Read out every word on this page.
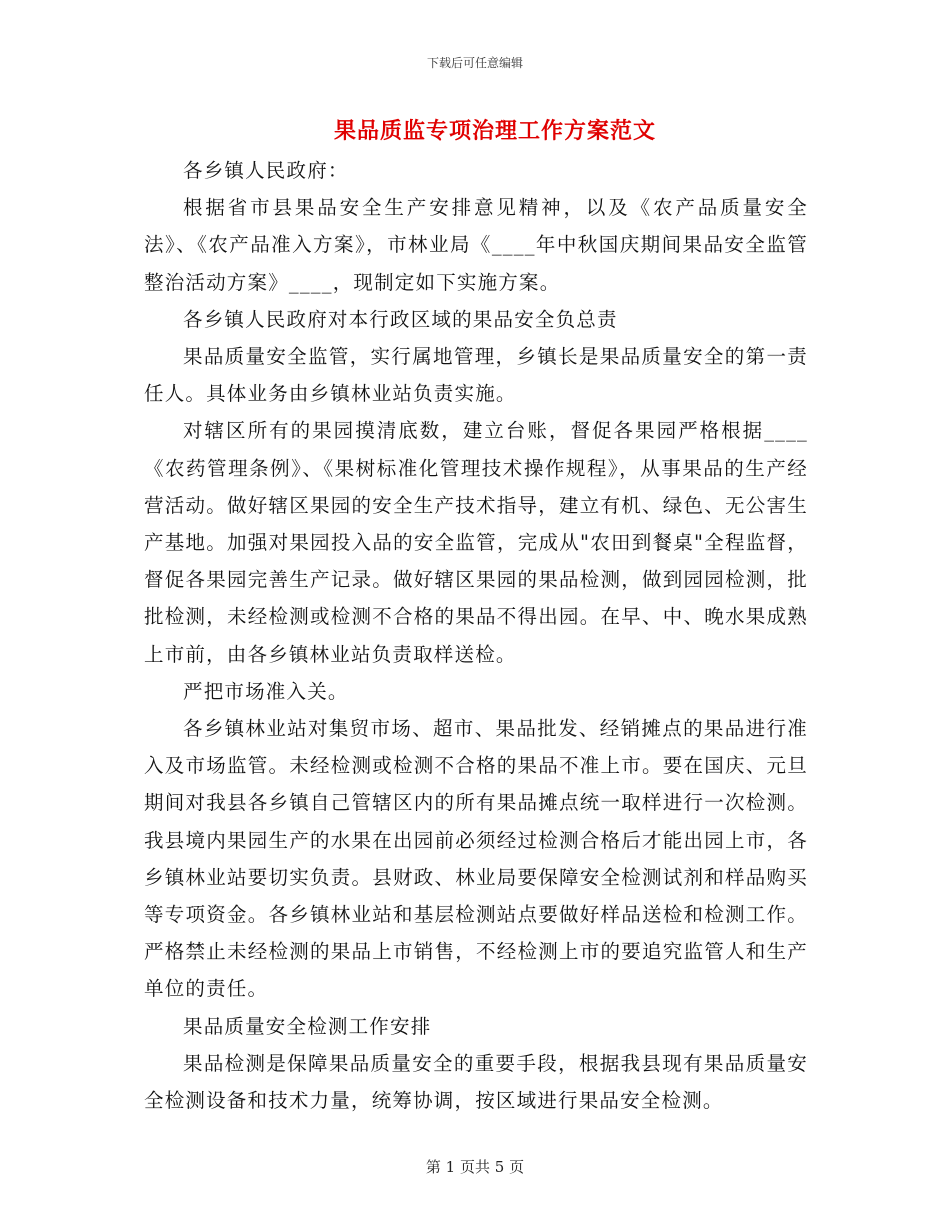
下载后可任意编辑
果品质监专项治理工作方案范文

各乡镇人民政府：

根据省市县果品安全生产安排意见精神，以及《农产品质量安全法》、《农产品准入方案》，市林业局《____年中秋国庆期间果品安全监管整治活动方案》____，现制定如下实施方案。

各乡镇人民政府对本行政区域的果品安全负总责

果品质量安全监管，实行属地管理，乡镇长是果品质量安全的第一责任人。具体业务由乡镇林业站负责实施。

对辖区所有的果园摸清底数，建立台账，督促各果园严格根据____《农药管理条例》、《果树标准化管理技术操作规程》，从事果品的生产经营活动。做好辖区果园的安全生产技术指导，建立有机、绿色、无公害生产基地。加强对果园投入品的安全监管，完成从"农田到餐桌"全程监督，督促各果园完善生产记录。做好辖区果园的果品检测，做到园园检测，批批检测，未经检测或检测不合格的果品不得出园。在早、中、晚水果成熟上市前，由各乡镇林业站负责取样送检。

严把市场准入关。

各乡镇林业站对集贸市场、超市、果品批发、经销摊点的果品进行准入及市场监管。未经检测或检测不合格的果品不准上市。要在国庆、元旦期间对我县各乡镇自己管辖区内的所有果品摊点统一取样进行一次检测。我县境内果园生产的水果在出园前必须经过检测合格后才能出园上市，各乡镇林业站要切实负责。县财政、林业局要保障安全检测试剂和样品购买等专项资金。各乡镇林业站和基层检测站点要做好样品送检和检测工作。严格禁止未经检测的果品上市销售，不经检测上市的要追究监管人和生产单位的责任。

果品质量安全检测工作安排

果品检测是保障果品质量安全的重要手段，根据我县现有果品质量安全检测设备和技术力量，统筹协调，按区域进行果品安全检测。

第 1 页共 5 页
